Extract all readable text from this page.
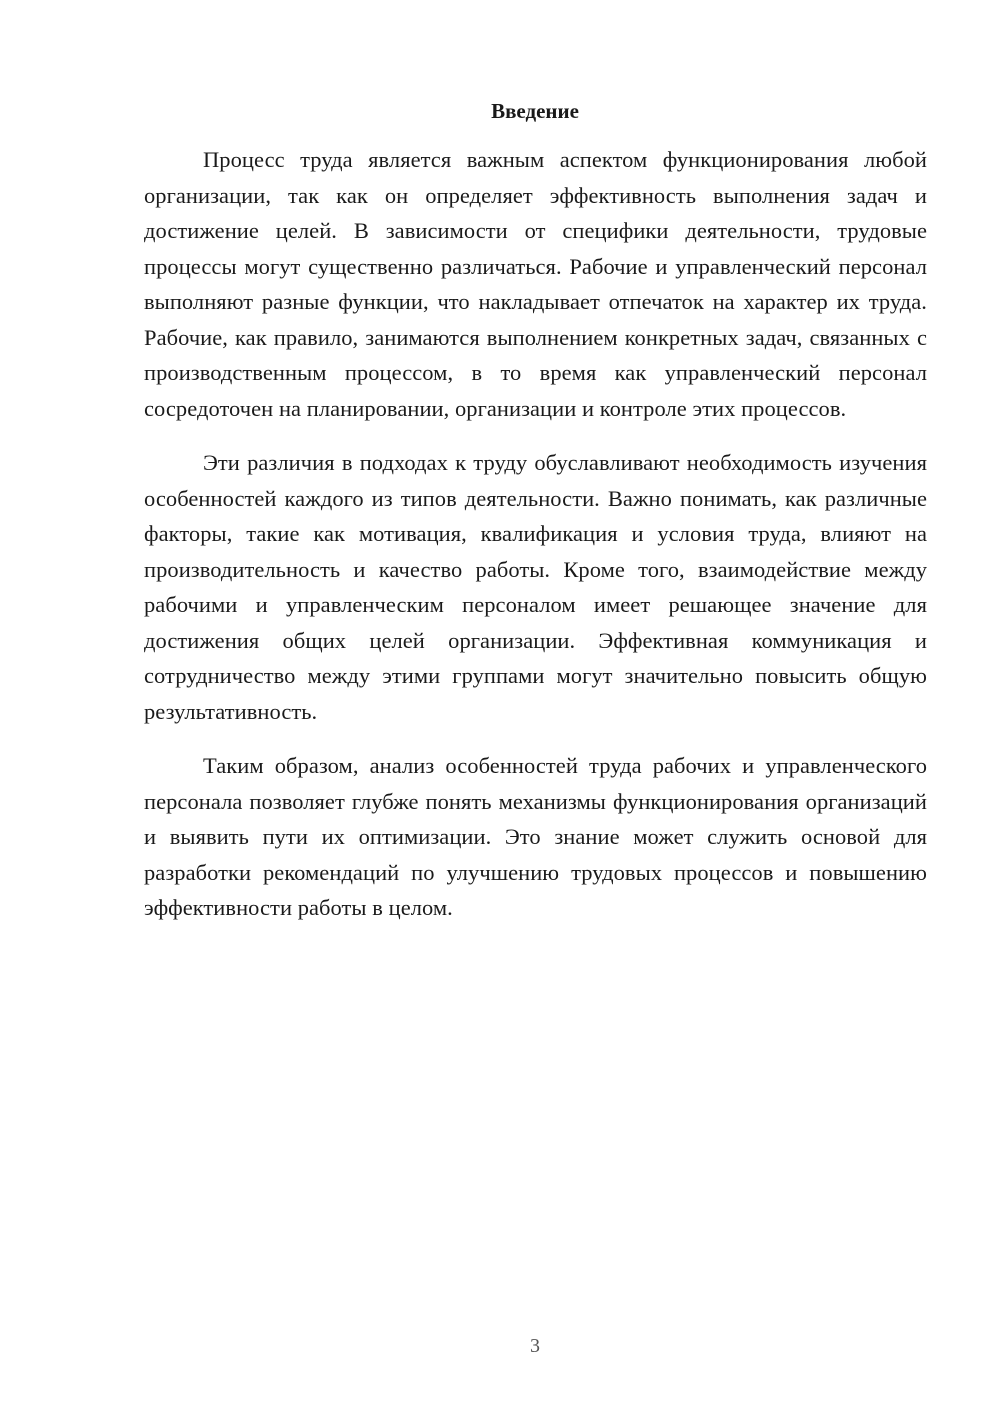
Введение

Процесс труда является важным аспектом функционирования любой организации, так как он определяет эффективность выполнения задач и достижение целей. В зависимости от специфики деятельности, трудовые процессы могут существенно различаться. Рабочие и управленческий персонал выполняют разные функции, что накладывает отпечаток на характер их труда. Рабочие, как правило, занимаются выполнением конкретных задач, связанных с производственным процессом, в то время как управленческий персонал сосредоточен на планировании, организации и контроле этих процессов.

Эти различия в подходах к труду обуславливают необходимость изучения особенностей каждого из типов деятельности. Важно понимать, как различные факторы, такие как мотивация, квалификация и условия труда, влияют на производительность и качество работы. Кроме того, взаимодействие между рабочими и управленческим персоналом имеет решающее значение для достижения общих целей организации. Эффективная коммуникация и сотрудничество между этими группами могут значительно повысить общую результативность.

Таким образом, анализ особенностей труда рабочих и управленческого персонала позволяет глубже понять механизмы функционирования организаций и выявить пути их оптимизации. Это знание может служить основой для разработки рекомендаций по улучшению трудовых процессов и повышению эффективности работы в целом.

3
